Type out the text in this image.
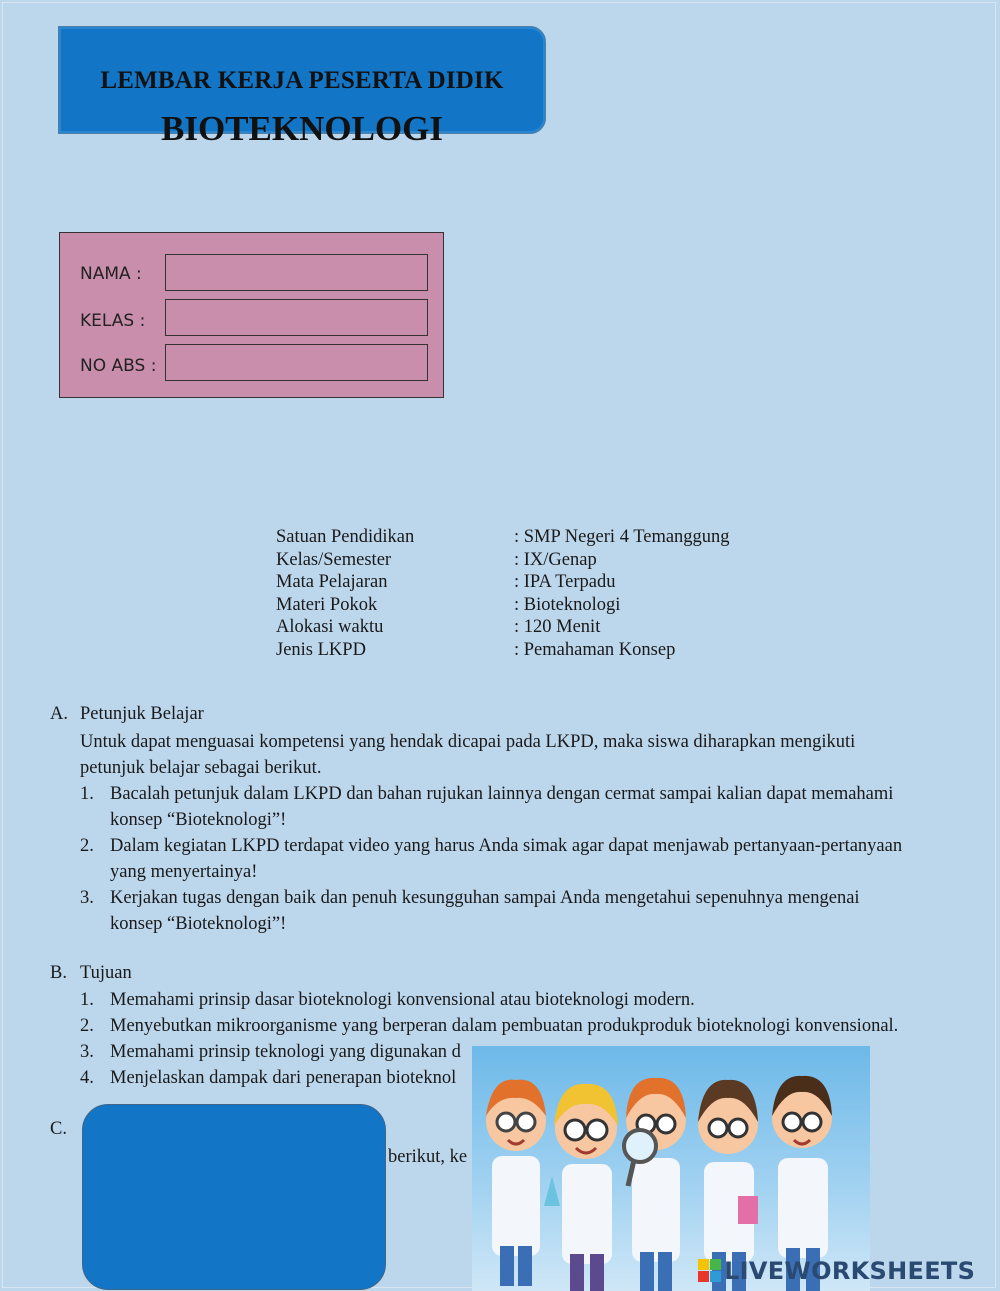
LEMBAR KERJA PESERTA DIDIK
BIOTEKNOLOGI
NAMA :
KELAS :
NO ABS :
Satuan Pendidikan	: SMP Negeri 4 Temanggung
Kelas/Semester	: IX/Genap
Mata Pelajaran	: IPA Terpadu
Materi Pokok	: Bioteknologi
Alokasi waktu	: 120 Menit
Jenis LKPD	: Pemahaman Konsep
A. Petunjuk Belajar
Untuk dapat menguasai kompetensi yang hendak dicapai pada LKPD, maka siswa diharapkan mengikuti
petunjuk belajar sebagai berikut.
1. Bacalah petunjuk dalam LKPD dan bahan rujukan lainnya dengan cermat sampai kalian dapat memahami
konsep “Bioteknologi”!
2. Dalam kegiatan LKPD terdapat video yang harus Anda simak agar dapat menjawab pertanyaan-pertanyaan
yang menyertainya!
3. Kerjakan tugas dengan baik dan penuh kesungguhan sampai Anda mengetahui sepenuhnya mengenai
konsep “Bioteknologi”!
B. Tujuan
1. Memahami prinsip dasar bioteknologi konvensional atau bioteknologi modern.
2. Menyebutkan mikroorganisme yang berperan dalam pembuatan produkproduk bioteknologi konvensional.
3. Memahami prinsip teknologi yang digunakan d
4. Menjelaskan dampak dari penerapan bioteknol
C.
berikut, ke
LIVEWORKSHEETS
